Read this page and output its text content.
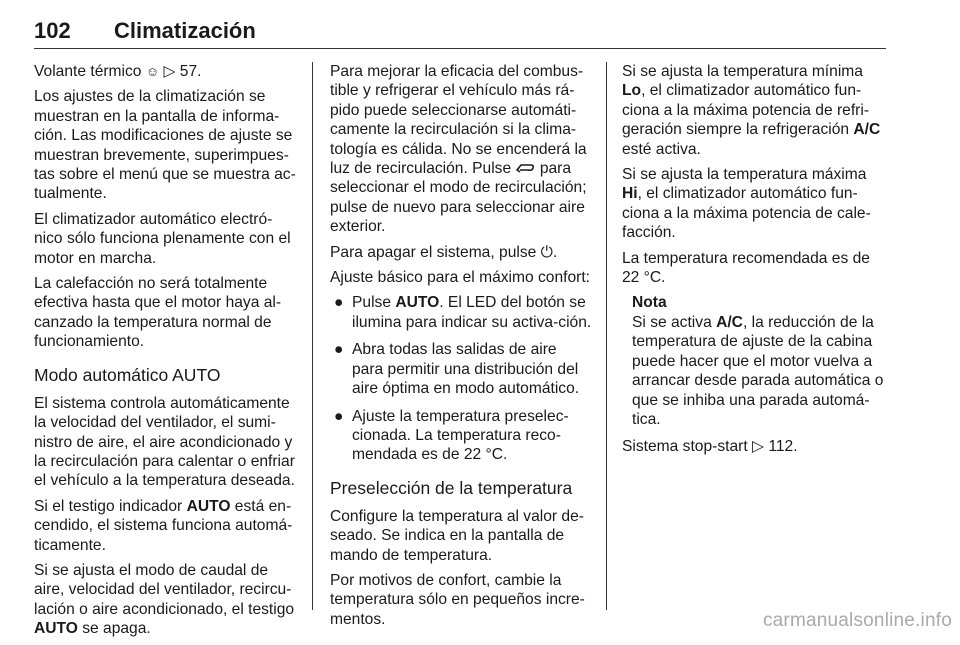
102 Climatización

Volante térmico ☺ ▷ 57.

Los ajustes de la climatización se muestran en la pantalla de informa-ción. Las modificaciones de ajuste se muestran brevemente, superimpues-tas sobre el menú que se muestra ac-tualmente.

El climatizador automático electró-nico sólo funciona plenamente con el motor en marcha.

La calefacción no será totalmente efectiva hasta que el motor haya al-canzado la temperatura normal de funcionamiento.

Modo automático AUTO

El sistema controla automáticamente la velocidad del ventilador, el sumi-nistro de aire, el aire acondicionado y la recirculación para calentar o enfriar el vehículo a la temperatura deseada.

Si el testigo indicador AUTO está en-cendido, el sistema funciona automá-ticamente.

Si se ajusta el modo de caudal de aire, velocidad del ventilador, recircu-lación o aire acondicionado, el testigo AUTO se apaga.

Para mejorar la eficacia del combus-tible y refrigerar el vehículo más rá-pido puede seleccionarse automáti-camente la recirculación si la clima-tología es cálida. No se encenderá la luz de recirculación. Pulse  para seleccionar el modo de recirculación; pulse de nuevo para seleccionar aire exterior.

Para apagar el sistema, pulse ⏻.

Ajuste básico para el máximo confort:

● Pulse AUTO. El LED del botón se ilumina para indicar su activa-ción.
● Abra todas las salidas de aire para permitir una distribución del aire óptima en modo automático.
● Ajuste la temperatura preselec-cionada. La temperatura reco-mendada es de 22 °C.
Preselección de la temperatura

Configure la temperatura al valor de-seado. Se indica en la pantalla de mando de temperatura.

Por motivos de confort, cambie la temperatura sólo en pequeños incre-mentos.

Si se ajusta la temperatura mínima Lo, el climatizador automático fun-ciona a la máxima potencia de refri-geración siempre la refrigeración A/C esté activa.

Si se ajusta la temperatura máxima Hi, el climatizador automático fun-ciona a la máxima potencia de cale-facción.

La temperatura recomendada es de 22 °C.

Nota
Si se activa A/C, la reducción de la temperatura de ajuste de la cabina puede hacer que el motor vuelva a arrancar desde parada automática o que se inhiba una parada automá-tica.

Sistema stop-start ▷ 112.

carmanualsonline.info
